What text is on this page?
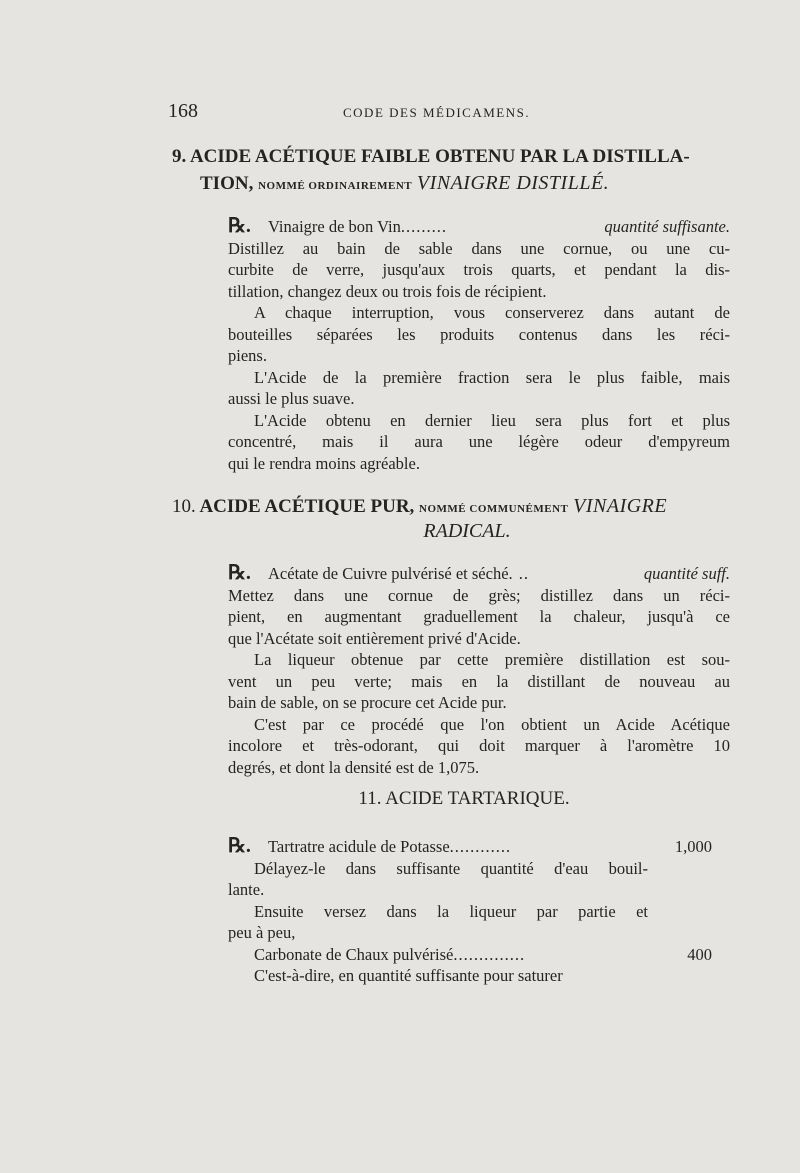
168	CODE DES MÉDICAMENS.
9. ACIDE ACÉTIQUE FAIBLE OBTENU PAR LA DISTILLA-
TION, NOMMÉ ORDINAIREMENT VINAIGRE DISTILLÉ.
℞. Vinaigre de bon Vin.........	quantité suffisante.
Distillez au bain de sable dans une cornue, ou une cu-
curbite de verre, jusqu'aux trois quarts, et pendant la dis-
tillation, changez deux ou trois fois de récipient.
A chaque interruption, vous conserverez dans autant de
bouteilles séparées les produits contenus dans les réci-
piens.
L'Acide de la première fraction sera le plus faible, mais
aussi le plus suave.
L'Acide obtenu en dernier lieu sera plus fort et plus
concentré, mais il aura une légère odeur d'empyreum
qui le rendra moins agréable.
10. ACIDE ACÉTIQUE PUR, NOMMÉ COMMUNÉMENT VINAIGRE
RADICAL.
℞. Acétate de Cuivre pulvérisé et séché. ..	quantité suff.
Mettez dans une cornue de grès; distillez dans un réci-
pient, en augmentant graduellement la chaleur, jusqu'à ce
que l'Acétate soit entièrement privé d'Acide.
La liqueur obtenue par cette première distillation est sou-
vent un peu verte; mais en la distillant de nouveau au
bain de sable, on se procure cet Acide pur.
C'est par ce procédé que l'on obtient un Acide Acétique
incolore et très-odorant, qui doit marquer à l'aromètre 10
degrés, et dont la densité est de 1,075.
11. ACIDE TARTARIQUE.
℞. Tartratre acidule de Potasse............	1,000
Délayez-le dans suffisante quantité d'eau bouil-
lante.
Ensuite versez dans la liqueur par partie et
peu à peu,
Carbonate de Chaux pulvérisé..............	400
C'est-à-dire, en quantité suffisante pour saturer
